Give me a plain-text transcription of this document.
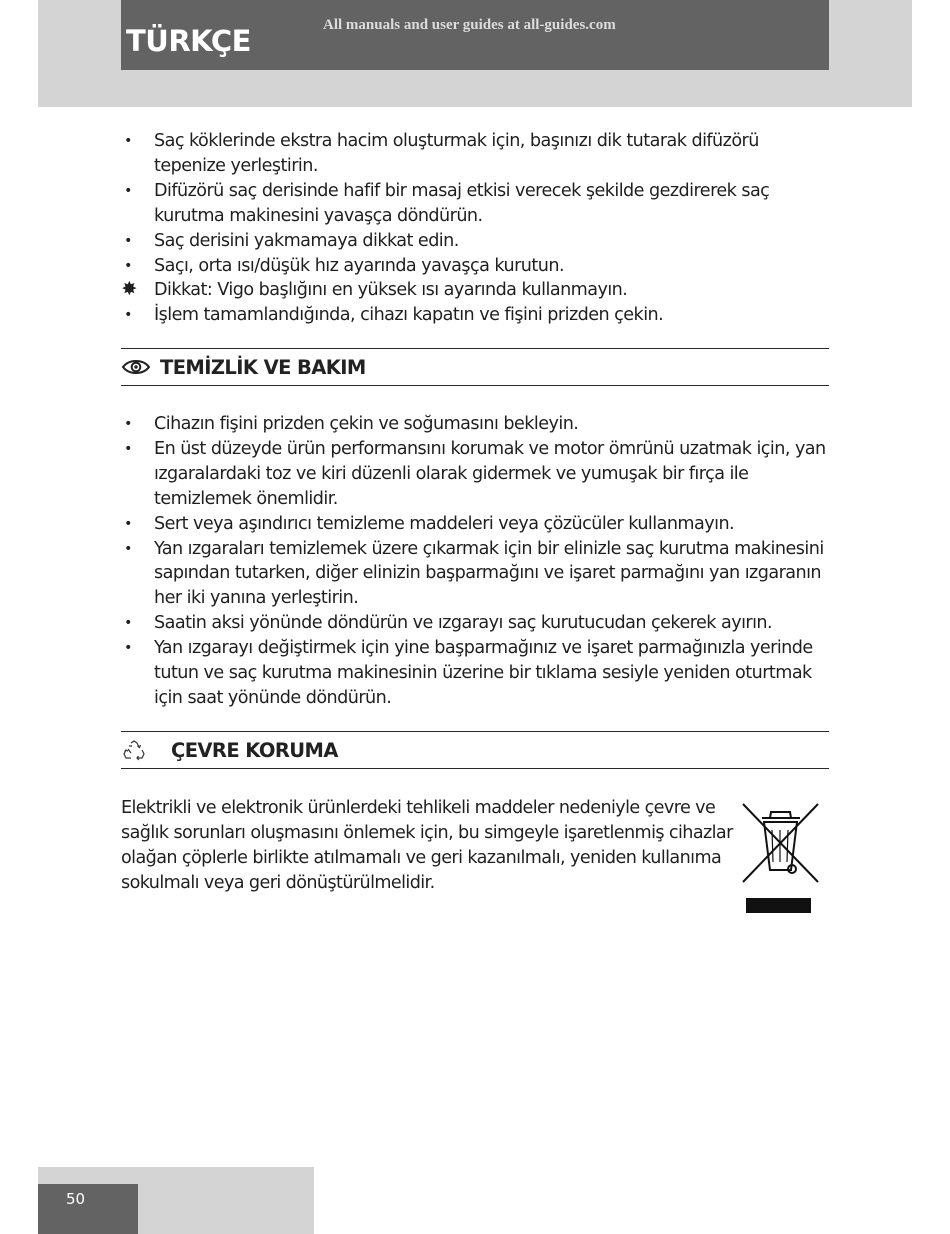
TÜRKÇE	All manuals and user guides at all-guides.com
• Saç köklerinde ekstra hacim oluşturmak için, başınızı dik tutarak difüzörü tepenize yerleştirin.
• Difüzörü saç derisinde hafif bir masaj etkisi verecek şekilde gezdirerek saç kurutma makinesini yavaşça döndürün.
• Saç derisini yakmamaya dikkat edin.
• Saçı, orta ısı/düşük hız ayarında yavaşça kurutun.
✸ Dikkat: Vigo başlığını en yüksek ısı ayarında kullanmayın.
• İşlem tamamlandığında, cihazı kapatın ve fişini prizden çekin.
TEMİZLİK VE BAKIM
• Cihazın fişini prizden çekin ve soğumasını bekleyin.
• En üst düzeyde ürün performansını korumak ve motor ömrünü uzatmak için, yan ızgaralardaki toz ve kiri düzenli olarak gidermek ve yumuşak bir fırça ile temizlemek önemlidir.
• Sert veya aşındırıcı temizleme maddeleri veya çözücüler kullanmayın.
• Yan ızgaraları temizlemek üzere çıkarmak için bir elinizle saç kurutma makinesini sapından tutarken, diğer elinizin başparmağını ve işaret parmağını yan ızgaranın her iki yanına yerleştirin.
• Saatin aksi yönünde döndürün ve ızgarayı saç kurutucudan çekerek ayırın.
• Yan ızgarayı değiştirmek için yine başparmağınız ve işaret parmağınızla yerinde tutun ve saç kurutma makinesinin üzerine bir tıklama sesiyle yeniden oturtmak için saat yönünde döndürün.
ÇEVRE KORUMA
Elektrikli ve elektronik ürünlerdeki tehlikeli maddeler nedeniyle çevre ve sağlık sorunları oluşmasını önlemek için, bu simgeyle işaretlenmiş cihazlar olağan çöplerle birlikte atılmamalı ve geri kazanılmalı, yeniden kullanıma sokulmalı veya geri dönüştürülmelidir.
50
